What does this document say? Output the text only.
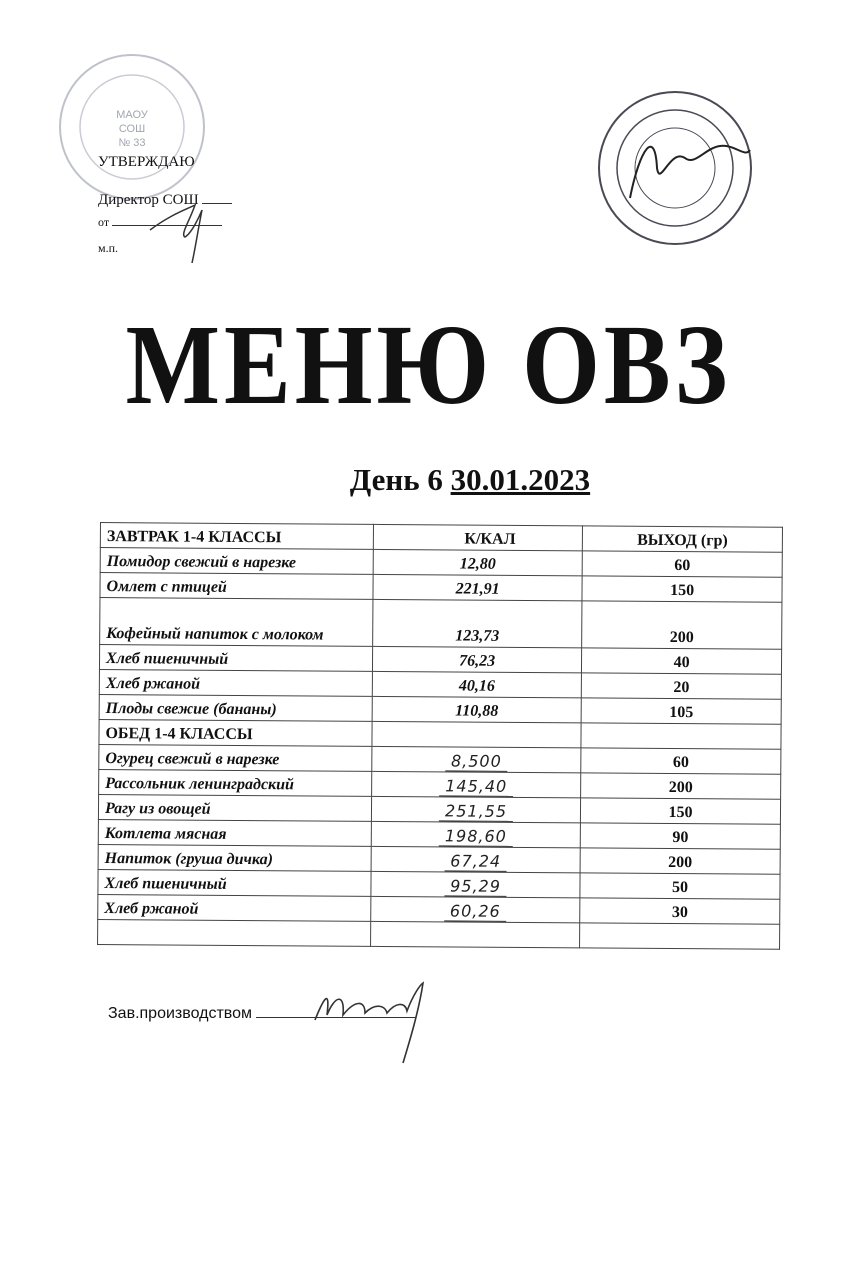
МАОУ
СОШ
№ 33
УТВЕРЖДАЮ
Директор СОШ
от
м.п.
МЕНЮ ОВЗ
День 6 30.01.2023
ЗАВТРАК 1-4 КЛАССЫ	К/КАЛ	ВЫХОД (гр)
Помидор свежий в нарезке	12,80	60
Омлет с птицей	221,91	150
Кофейный напиток с молоком	123,73	200
Хлеб пшеничный	76,23	40
Хлеб ржаной	40,16	20
Плоды свежие (бананы)	110,88	105
ОБЕД 1-4 КЛАССЫ		
Огурец свежий в нарезке	8,500	60
Рассольник ленинградский	145,40	200
Рагу из овощей	251,55	150
Котлета мясная	198,60	90
Напиток (груша дичка)	67,24	200
Хлеб пшеничный	95,29	50
Хлеб ржаной	60,26	30

Зав.производством
